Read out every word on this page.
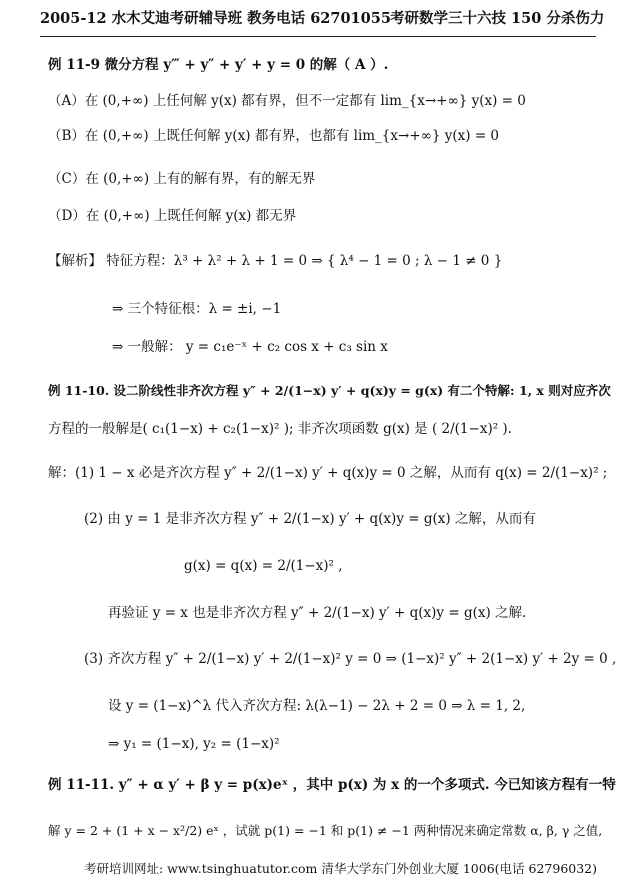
2005-12 水木艾迪考研辅导班 教务电话 62701055 考研数学三十六技 150 分杀伤力
例 11-9 微分方程 y‴ + y″ + y′ + y = 0 的解（ A ）.
（A）在 (0,+∞) 上任何解 y(x) 都有界，但不一定都有 lim_{x→+∞} y(x) = 0
（B）在 (0,+∞) 上既任何解 y(x) 都有界，也都有 lim_{x→+∞} y(x) = 0
（C）在 (0,+∞) 上有的解有界，有的解无界
（D）在 (0,+∞) 上既任何解 y(x) 都无界
【解析】 特征方程：λ³ + λ² + λ + 1 = 0 ⇒ { λ⁴ − 1 = 0 ; λ − 1 ≠ 0 }
⇒ 三个特征根：λ = ±i, −1
⇒ 一般解： y = c₁e⁻ˣ + c₂ cos x + c₃ sin x
例 11-10. 设二阶线性非齐次方程 y″ + 2/(1−x) y′ + q(x)y = g(x) 有二个特解: 1, x 则对应齐次
方程的一般解是( c₁(1−x) + c₂(1−x)² ); 非齐次项函数 g(x) 是 ( 2/(1−x)² ).
解：(1) 1 − x 必是齐次方程 y″ + 2/(1−x) y′ + q(x)y = 0 之解，从而有 q(x) = 2/(1−x)² ;
(2) 由 y = 1 是非齐次方程 y″ + 2/(1−x) y′ + q(x)y = g(x) 之解，从而有
g(x) = q(x) = 2/(1−x)² ,
再验证 y = x 也是非齐次方程 y″ + 2/(1−x) y′ + q(x)y = g(x) 之解.
(3) 齐次方程 y″ + 2/(1−x) y′ + 2/(1−x)² y = 0 ⇒ (1−x)² y″ + 2(1−x) y′ + 2y = 0 ,
设 y = (1−x)^λ 代入齐次方程: λ(λ−1) − 2λ + 2 = 0 ⇒ λ = 1, 2,
⇒ y₁ = (1−x), y₂ = (1−x)²
例 11-11. y″ + α y′ + β y = p(x)eˣ ，其中 p(x) 为 x 的一个多项式. 今已知该方程有一特
解 y = 2 + (1 + x − x²/2) eˣ ，试就 p(1) = −1 和 p(1) ≠ −1 两种情况来确定常数 α, β, γ 之值,
考研培训网址: www.tsinghuatutor.com 清华大学东门外创业大厦 1006(电话 62796032)
